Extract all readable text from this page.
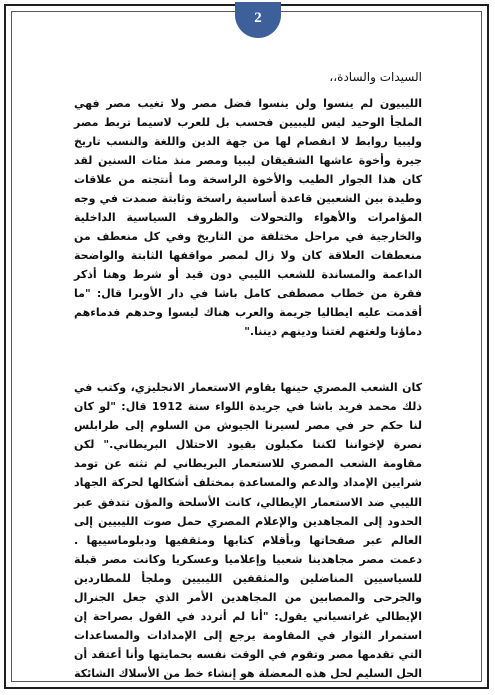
2
السيدات والسادة،،

الليبيون لم ينسوا ولن ينسوا فضل مصر ولا تغيب مصر فهي الملجأ الوحيد ليس لليبيين فحسب بل للعرب لاسيما تربط مصر وليبيا روابط لا انفصام لها من جهة الدين واللغة والنسب تاريخ جيرة وأخوة عاشها الشقيقان ليبيا ومصر منذ مئات السنين لقد كان هذا الجوار الطيب والأخوة الراسخة وما أنتجته من علاقات وطيدة بين الشعبين قاعدة أساسية راسخة وثابتة صمدت في وجه المؤامرات والأهواء والتحولات والظروف السياسية الداخلية والخارجية في مراحل مختلفة من التاريخ وفي كل منعطف من منعطفات العلاقة كان ولا زال لمصر مواقفها الثابتة والواضحة الداعمة والمساندة للشعب الليبي دون قيد أو شرط وهنا أذكر فقرة من خطاب مصطفى كامل باشا في دار الأوبرا قال: "ما أقدمت عليه ايطاليا جريمة والعرب هناك ليسوا وحدهم فدماءهم دماؤنا ولغتهم لغتنا ودينهم ديننا."

كان الشعب المصري حينها يقاوم الاستعمار الانجليزي، وكتب في ذلك محمد فريد باشا في جريدة اللواء سنة 1912 قال: "لو كان لنا حكم حر في مصر لسيرنا الجيوش من السلوم إلى طرابلس نصرة لإخواننا لكننا مكبلون بقيود الاحتلال البريطاني." لكن مقاومة الشعب المصري للاستعمار البريطاني لم تثنه عن تومد شرايين الإمداد والدعم والمساعدة بمختلف أشكالها لحركة الجهاد الليبي ضد الاستعمار الإيطالي، كانت الأسلحة والمؤن تتدفق عبر الحدود إلى المجاهدين والإعلام المصري حمل صوت الليبيين إلى العالم عبر صفحاتها وبأقلام كتابها ومثقفيها ودبلوماسييها . دعمت مصر مجاهدينا شعبيا وإعلاميا وعسكريا وكانت مصر قبلة للسياسيين المناضلين والمثقفين الليبيين وملجأ للمطاردين والجرحى والمصابين من المجاهدين الأمر الذي جعل الجنرال الإيطالي غراتسياني يقول: "أنا لم أتردد في القول بصراحة إن استمرار الثوار في المقاومة يرجع إلى الإمدادات والمساعدات التي تقدمها مصر وتقوم في الوقت نفسه بحمايتها وأنا أعتقد أن الحل السليم لحل هذه المعضلة هو إنشاء خط من الأسلاك الشائكة
